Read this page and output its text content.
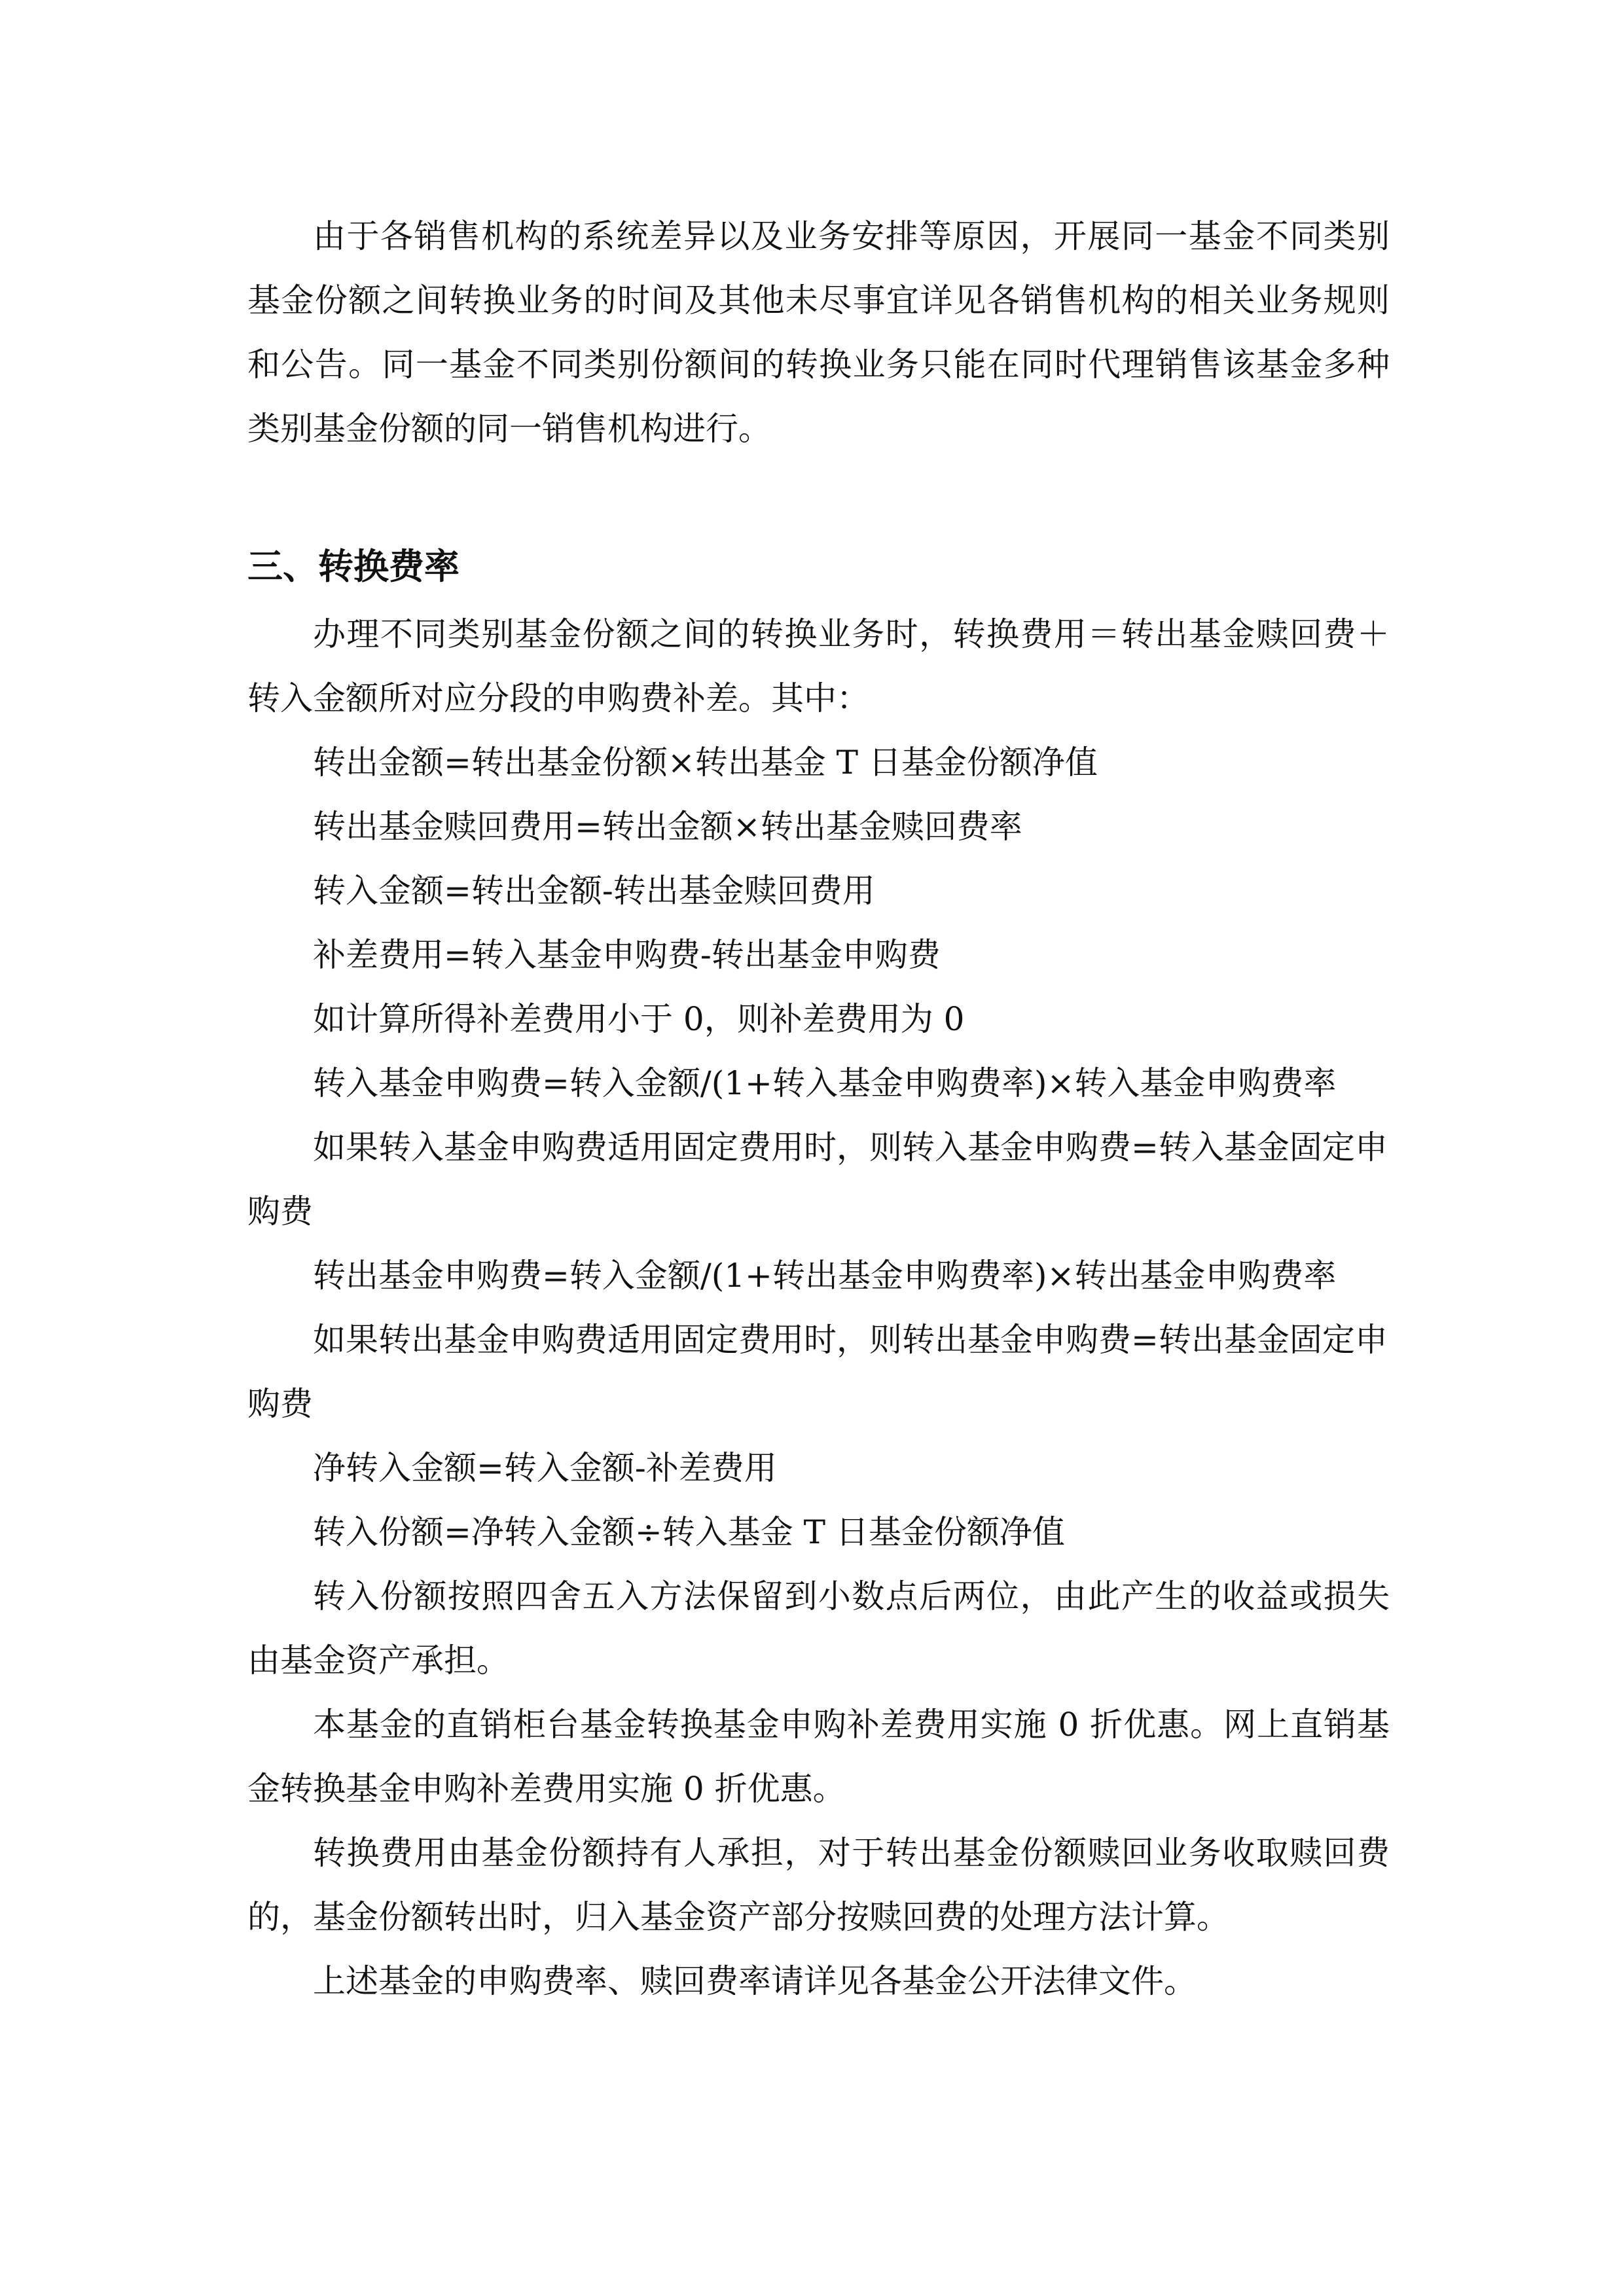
由于各销售机构的系统差异以及业务安排等原因，开展同一基金不同类别基金份额之间转换业务的时间及其他未尽事宜详见各销售机构的相关业务规则和公告。同一基金不同类别份额间的转换业务只能在同时代理销售该基金多种类别基金份额的同一销售机构进行。

三、转换费率

办理不同类别基金份额之间的转换业务时，转换费用＝转出基金赎回费＋转入金额所对应分段的申购费补差。其中：

转出金额=转出基金份额×转出基金 T 日基金份额净值

转出基金赎回费用=转出金额×转出基金赎回费率

转入金额=转出金额-转出基金赎回费用

补差费用=转入基金申购费-转出基金申购费

如计算所得补差费用小于 0，则补差费用为 0

转入基金申购费=转入金额/(1+转入基金申购费率)×转入基金申购费率

如果转入基金申购费适用固定费用时，则转入基金申购费=转入基金固定申购费

转出基金申购费=转入金额/(1+转出基金申购费率)×转出基金申购费率

如果转出基金申购费适用固定费用时，则转出基金申购费=转出基金固定申购费

净转入金额=转入金额-补差费用

转入份额=净转入金额÷转入基金 T 日基金份额净值

转入份额按照四舍五入方法保留到小数点后两位，由此产生的收益或损失由基金资产承担。

本基金的直销柜台基金转换基金申购补差费用实施 0 折优惠。网上直销基金转换基金申购补差费用实施 0 折优惠。

转换费用由基金份额持有人承担，对于转出基金份额赎回业务收取赎回费的，基金份额转出时，归入基金资产部分按赎回费的处理方法计算。

上述基金的申购费率、赎回费率请详见各基金公开法律文件。
